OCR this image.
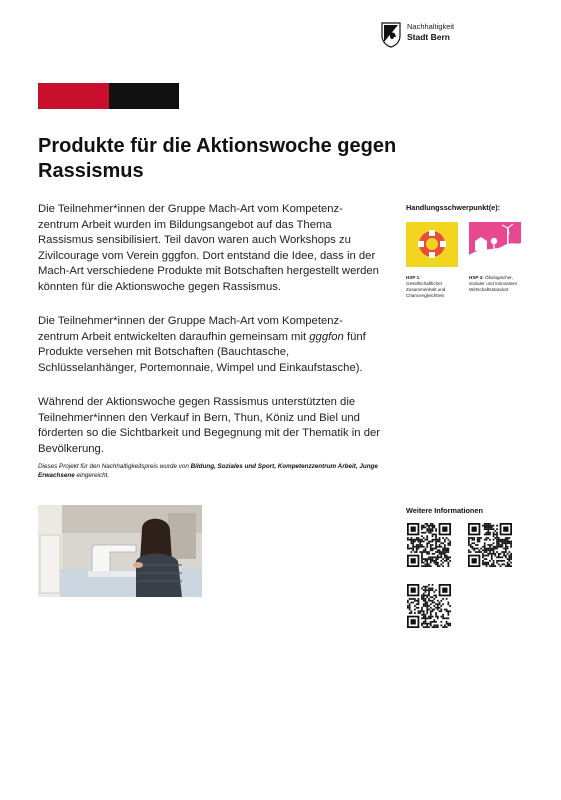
Nachhaltigkeit
Stadt Bern
Produkte für die Aktionswoche gegen Rassismus

Die Teilnehmer*innen der Gruppe Mach-Art vom Kompetenz-zentrum Arbeit wurden im Bildungsangebot auf das Thema Rassismus sensibilisiert. Teil davon waren auch Workshops zu Zivilcourage vom Verein gggfon. Dort entstand die Idee, dass in der Mach-Art verschiedene Produkte mit Botschaften hergestellt werden könnten für die Aktionswoche gegen Rassismus.

Die Teilnehmer*innen der Gruppe Mach-Art vom Kompetenz-zentrum Arbeit entwickelten daraufhin gemeinsam mit gggfon fünf Produkte versehen mit Botschaften (Bauchtasche, Schlüsselanhänger, Portemonnaie, Wimpel und Einkaufstasche).

Während der Aktionswoche gegen Rassismus unterstützten die Teilnehmer*innen den Verkauf in Bern, Thun, Köniz und Biel und förderten so die Sichtbarkeit und Begegnung mit der Thematik in der Bevölkerung.

Dieses Projekt für den Nachhaltigkeitspreis wurde von Bildung, Soziales und Sport, Kompetenzzentrum Arbeit, Junge Erwachsene eingereicht.
Handlungsschwerpunkt(e):
HSP 1: Gesellschaftlicher Zusammenhalt und Chancengleichheit
HSP 4: Ökologischer, sozialer und innovativer Wirtschaftsstandort
Weitere Informationen
